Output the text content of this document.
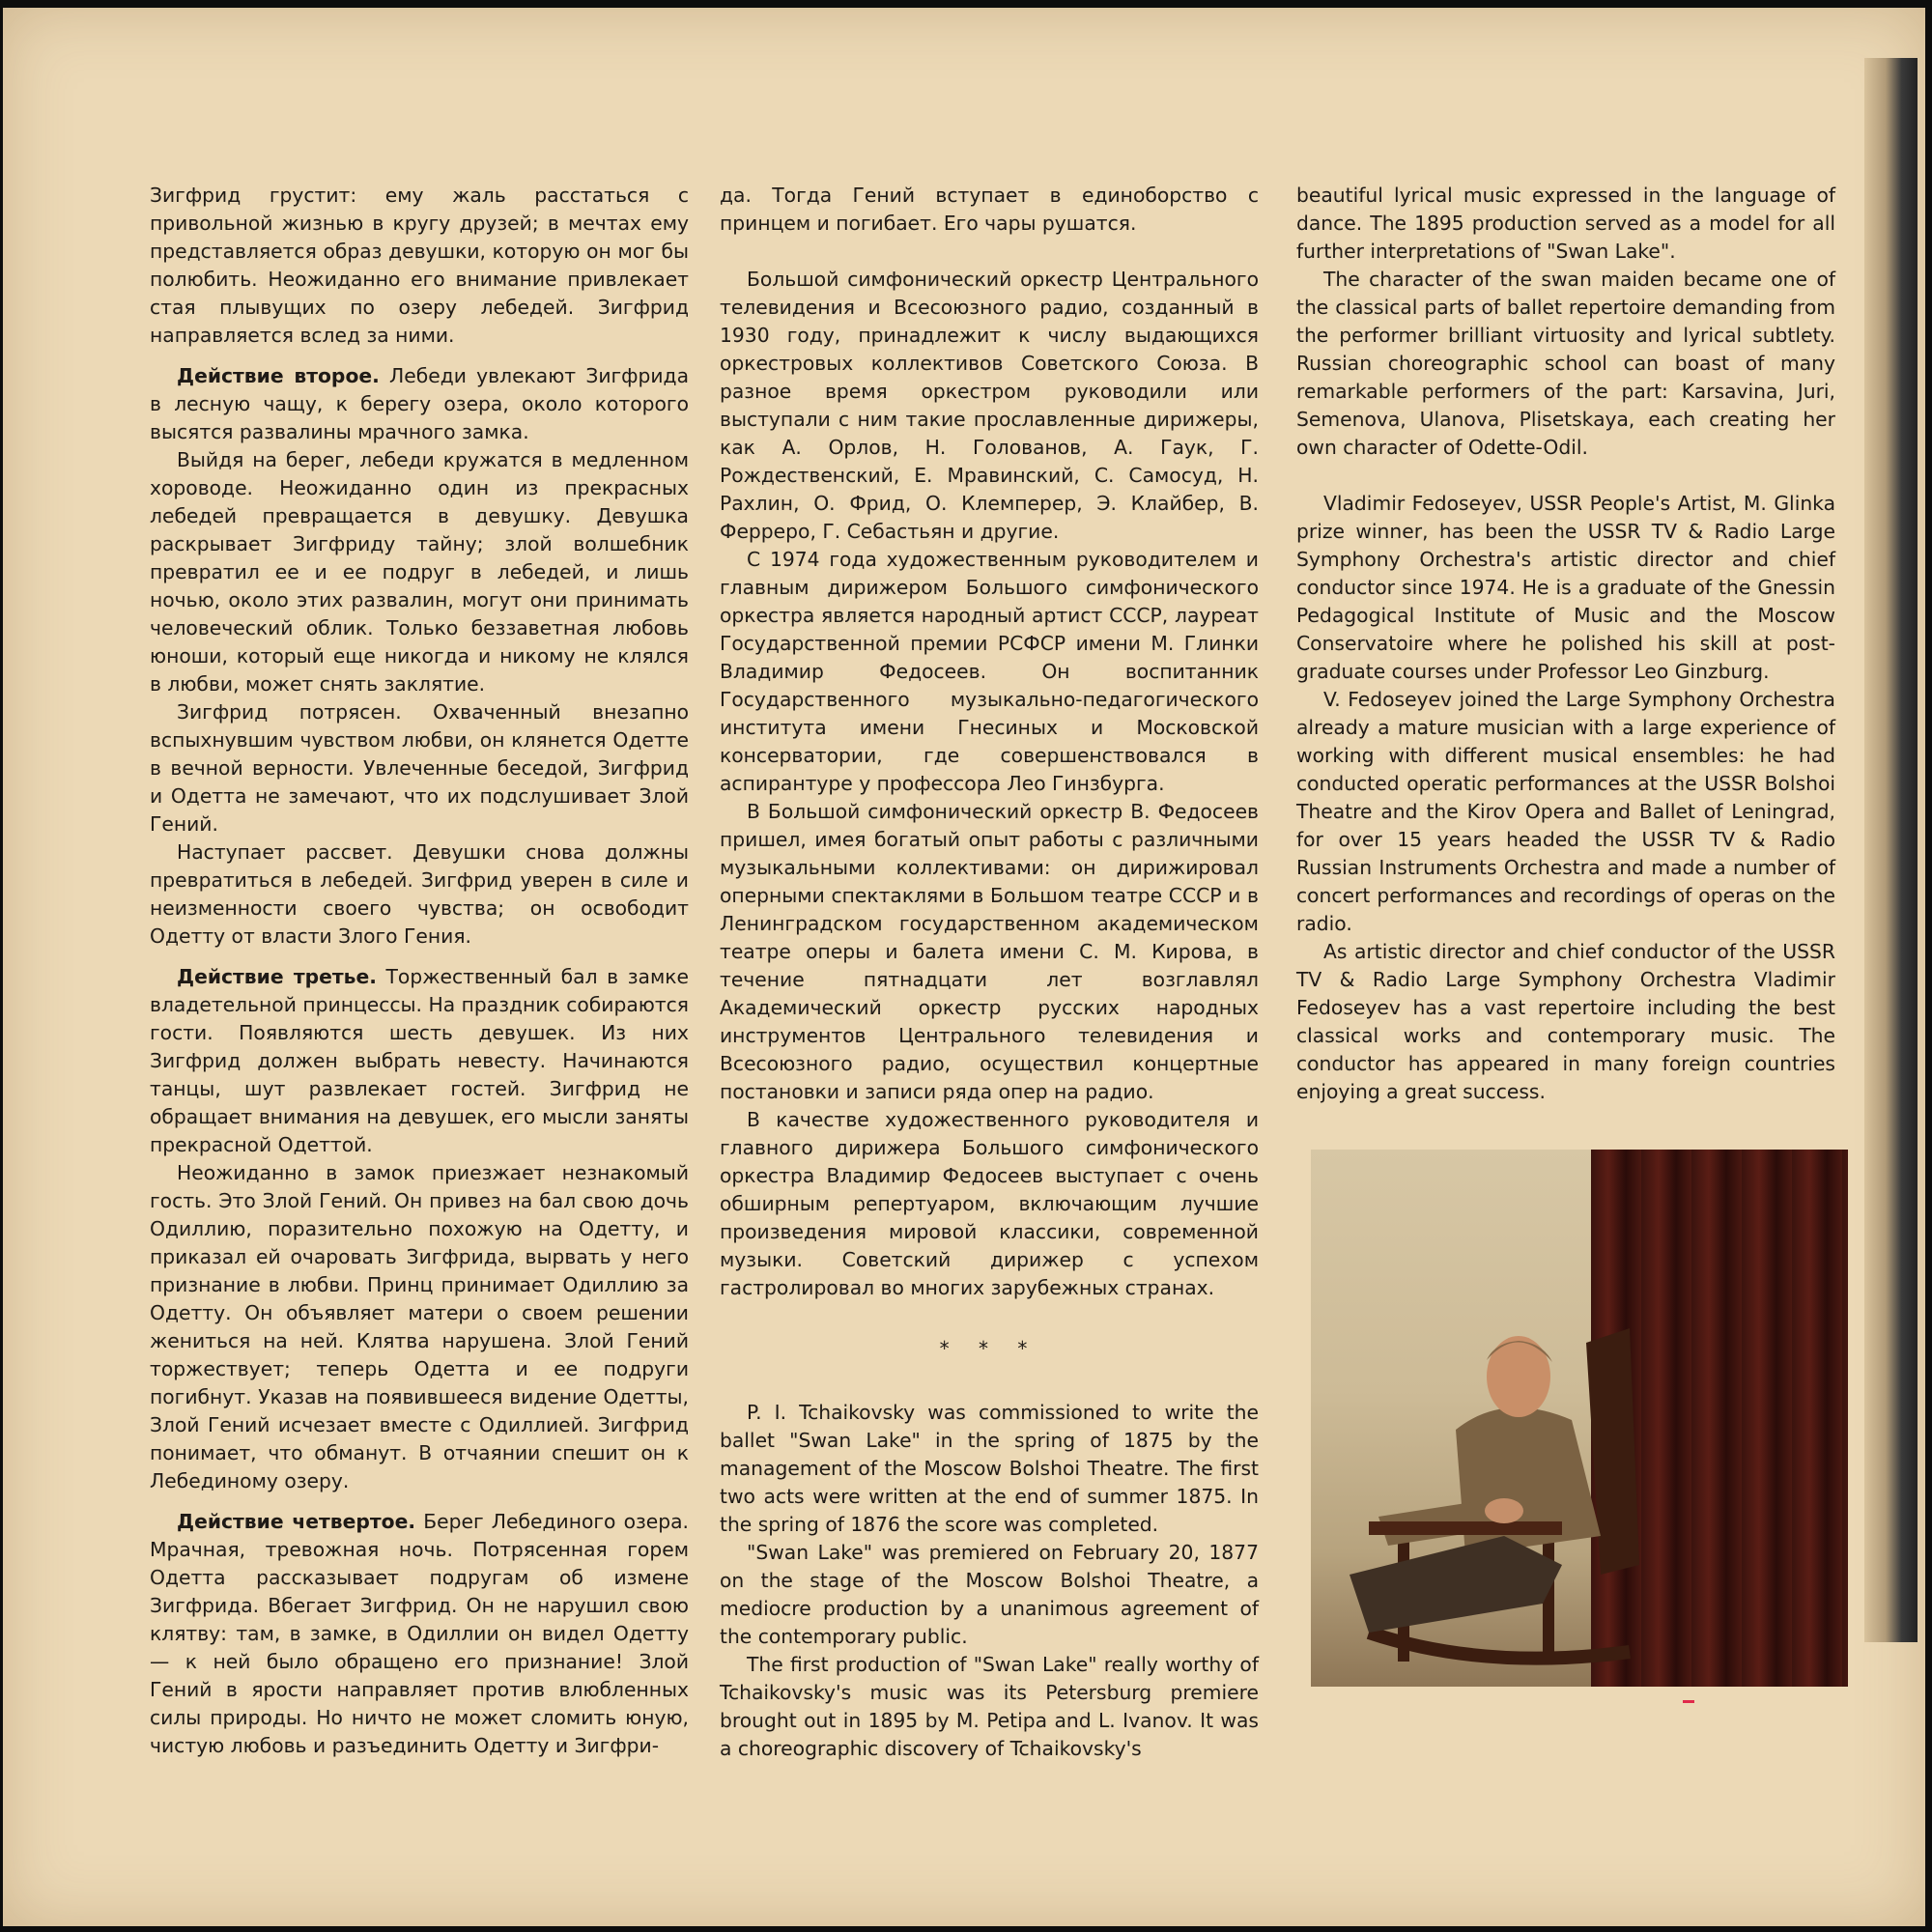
Зигфрид грустит: ему жаль расстаться с привольной жизнью в кругу друзей; в мечтах ему представляется образ девушки, которую он мог бы полюбить. Неожиданно его внимание привлекает стая плывущих по озеру лебедей. Зигфрид направляется вслед за ними.

Действие второе. Лебеди увлекают Зигфрида в лесную чащу, к берегу озера, около которого высятся развалины мрачного замка.

Выйдя на берег, лебеди кружатся в медленном хороводе. Неожиданно один из прекрасных лебедей превращается в девушку. Девушка раскрывает Зигфриду тайну; злой волшебник превратил ее и ее подруг в лебедей, и лишь ночью, около этих развалин, могут они принимать человеческий облик. Только беззаветная любовь юноши, который еще никогда и никому не клялся в любви, может снять заклятие.

Зигфрид потрясен. Охваченный внезапно вспыхнувшим чувством любви, он клянется Одетте в вечной верности. Увлеченные беседой, Зигфрид и Одетта не замечают, что их подслушивает Злой Гений.

Наступает рассвет. Девушки снова должны превратиться в лебедей. Зигфрид уверен в силе и неизменности своего чувства; он освободит Одетту от власти Злого Гения.

Действие третье. Торжественный бал в замке владетельной принцессы. На праздник собираются гости. Появляются шесть девушек. Из них Зигфрид должен выбрать невесту. Начинаются танцы, шут развлекает гостей. Зигфрид не обращает внимания на девушек, его мысли заняты прекрасной Одеттой.

Неожиданно в замок приезжает незнакомый гость. Это Злой Гений. Он привез на бал свою дочь Одиллию, поразительно похожую на Одетту, и приказал ей очаровать Зигфрида, вырвать у него признание в любви. Принц принимает Одиллию за Одетту. Он объявляет матери о своем решении жениться на ней. Клятва нарушена. Злой Гений торжествует; теперь Одетта и ее подруги погибнут. Указав на появившееся видение Одетты, Злой Гений исчезает вместе с Одиллией. Зигфрид понимает, что обманут. В отчаянии спешит он к Лебединому озеру.

Действие четвертое. Берег Лебединого озера. Мрачная, тревожная ночь. Потрясенная горем Одетта рассказывает подругам об измене Зигфрида. Вбегает Зигфрид. Он не нарушил свою клятву: там, в замке, в Одиллии он видел Одетту — к ней было обращено его признание! Злой Гений в ярости направляет против влюбленных силы природы. Но ничто не может сломить юную, чистую любовь и разъединить Одетту и Зигфри-

да. Тогда Гений вступает в единоборство с принцем и погибает. Его чары рушатся.

Большой симфонический оркестр Центрального телевидения и Всесоюзного радио, созданный в 1930 году, принадлежит к числу выдающихся оркестровых коллективов Советского Союза. В разное время оркестром руководили или выступали с ним такие прославленные дирижеры, как А. Орлов, Н. Голованов, А. Гаук, Г. Рождественский, Е. Мравинский, С. Самосуд, Н. Рахлин, О. Фрид, О. Клемперер, Э. Клайбер, В. Ферреро, Г. Себастьян и другие.

С 1974 года художественным руководителем и главным дирижером Большого симфонического оркестра является народный артист СССР, лауреат Государственной премии РСФСР имени М. Глинки Владимир Федосеев. Он воспитанник Государственного музыкально-педагогического института имени Гнесиных и Московской консерватории, где совершенствовался в аспирантуре у профессора Лео Гинзбурга.

В Большой симфонический оркестр В. Федосеев пришел, имея богатый опыт работы с различными музыкальными коллективами: он дирижировал оперными спектаклями в Большом театре СССР и в Ленинградском государственном академическом театре оперы и балета имени С. М. Кирова, в течение пятнадцати лет возглавлял Академический оркестр русских народных инструментов Центрального телевидения и Всесоюзного радио, осуществил концертные постановки и записи ряда опер на радио.

В качестве художественного руководителя и главного дирижера Большого симфонического оркестра Владимир Федосеев выступает с очень обширным репертуаром, включающим лучшие произведения мировой классики, современной музыки. Советский дирижер с успехом гастролировал во многих зарубежных странах.

* * *

P. I. Tchaikovsky was commissioned to write the ballet "Swan Lake" in the spring of 1875 by the management of the Moscow Bolshoi Theatre. The first two acts were written at the end of summer 1875. In the spring of 1876 the score was completed.

"Swan Lake" was premiered on February 20, 1877 on the stage of the Moscow Bolshoi Theatre, a mediocre production by a unanimous agreement of the contemporary public.

The first production of "Swan Lake" really worthy of Tchaikovsky's music was its Petersburg premiere brought out in 1895 by M. Petipa and L. Ivanov. It was a choreographic discovery of Tchaikovsky's

beautiful lyrical music expressed in the language of dance. The 1895 production served as a model for all further interpretations of "Swan Lake".

The character of the swan maiden became one of the classical parts of ballet repertoire demanding from the performer brilliant virtuosity and lyrical subtlety. Russian choreographic school can boast of many remarkable performers of the part: Karsavina, Juri, Semenova, Ulanova, Plisetskaya, each creating her own character of Odette-Odil.

Vladimir Fedoseyev, USSR People's Artist, M. Glinka prize winner, has been the USSR TV & Radio Large Symphony Orchestra's artistic director and chief conductor since 1974. He is a graduate of the Gnessin Pedagogical Institute of Music and the Moscow Conservatoire where he polished his skill at post-graduate courses under Professor Leo Ginzburg.

V. Fedoseyev joined the Large Symphony Orchestra already a mature musician with a large experience of working with different musical ensembles: he had conducted operatic performances at the USSR Bolshoi Theatre and the Kirov Opera and Ballet of Leningrad, for over 15 years headed the USSR TV & Radio Russian Instruments Orchestra and made a number of concert performances and recordings of operas on the radio.

As artistic director and chief conductor of the USSR TV & Radio Large Symphony Orchestra Vladimir Fedoseyev has a vast repertoire including the best classical works and contemporary music. The conductor has appeared in many foreign countries enjoying a great success.
